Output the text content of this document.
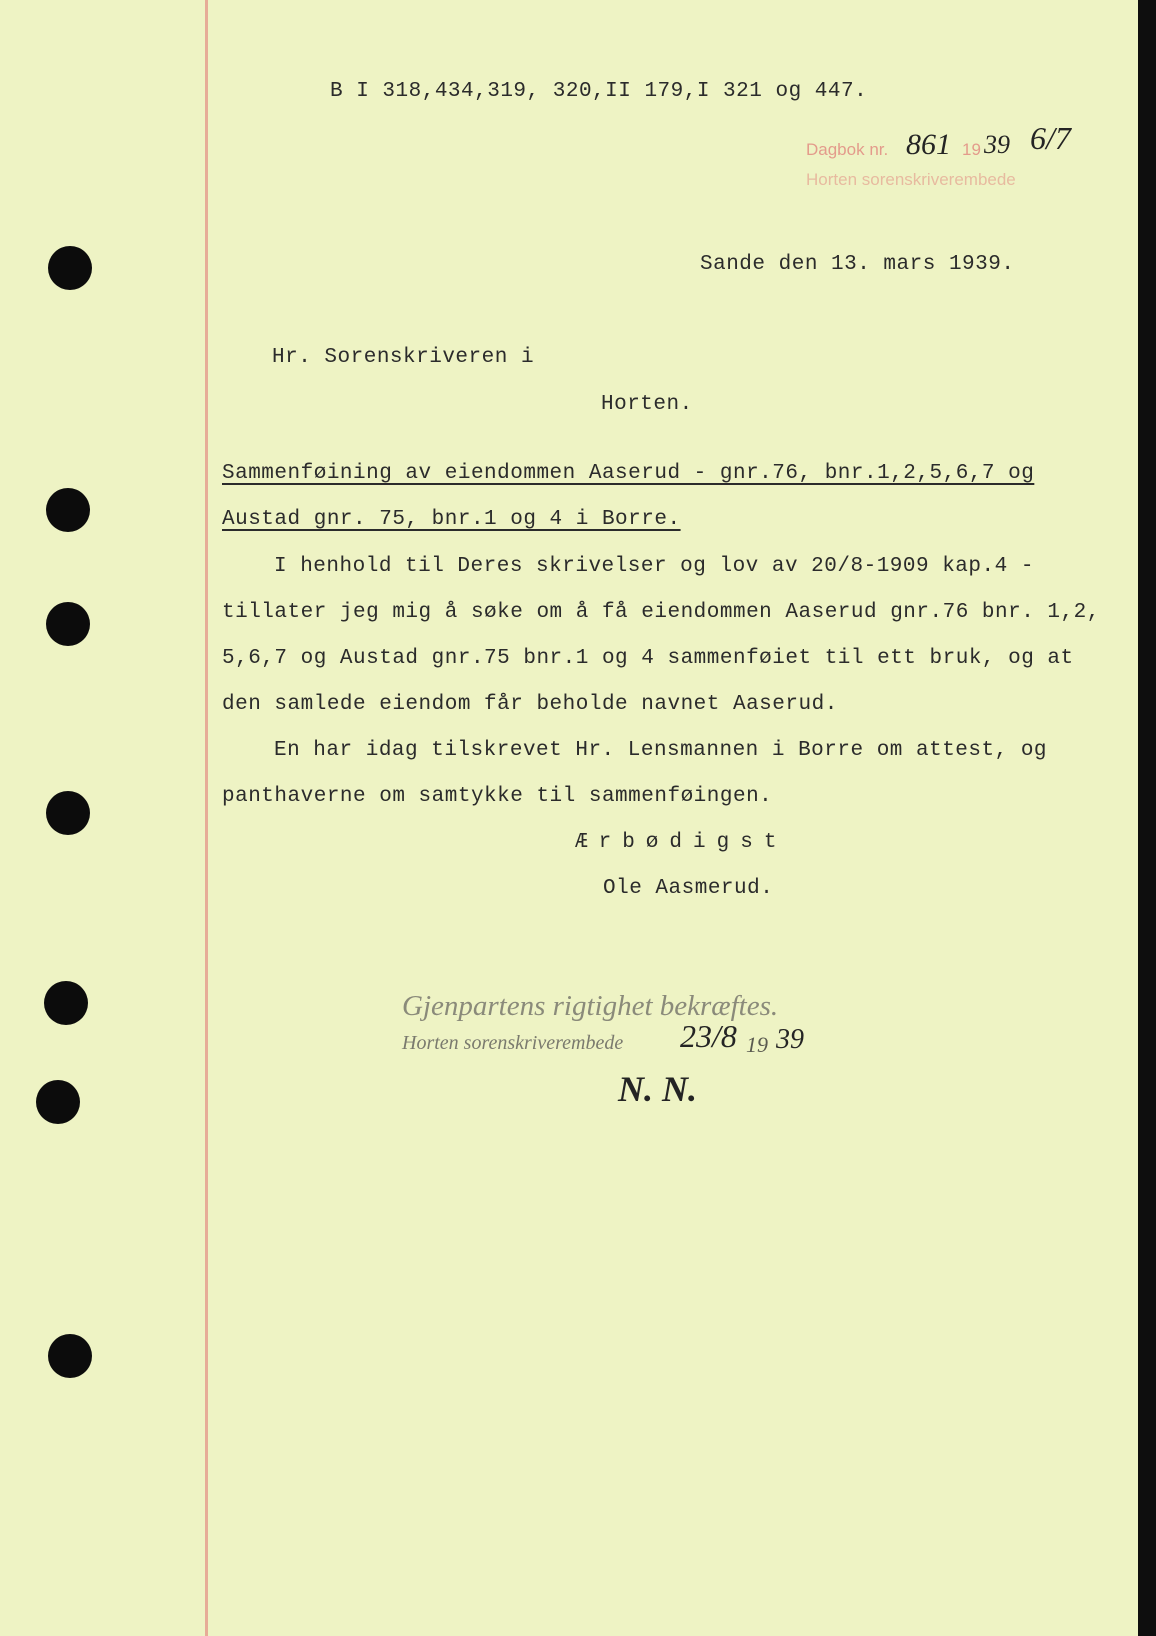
B I 318,434,319, 320,II 179,I 321 og 447.
Dagbok nr. 861 19 39 6/7
Horten sorenskriverembede
Sande den 13. mars 1939.
Hr. Sorenskriveren i
Horten.
Sammenføining av eiendommen Aaserud - gnr.76, bnr.1,2,5,6,7 og
Austad gnr. 75, bnr.1 og 4 i Borre.
I henhold til Deres skrivelser og lov av 20/8-1909 kap.4 -
tillater jeg mig å søke om å få eiendommen Aaserud gnr.76 bnr. 1,2,
5,6,7 og Austad gnr.75 bnr.1 og 4 sammenføiet til ett bruk, og at
den samlede eiendom får beholde navnet Aaserud.
En har idag tilskrevet Hr. Lensmannen i Borre om attest, og
panthaverne om samtykke til sammenføingen.
Ærbødigst
Ole Aasmerud.
Gjenpartens rigtighet bekræftes.
Horten sorenskriverembede 23/8 19 39
N. N.
